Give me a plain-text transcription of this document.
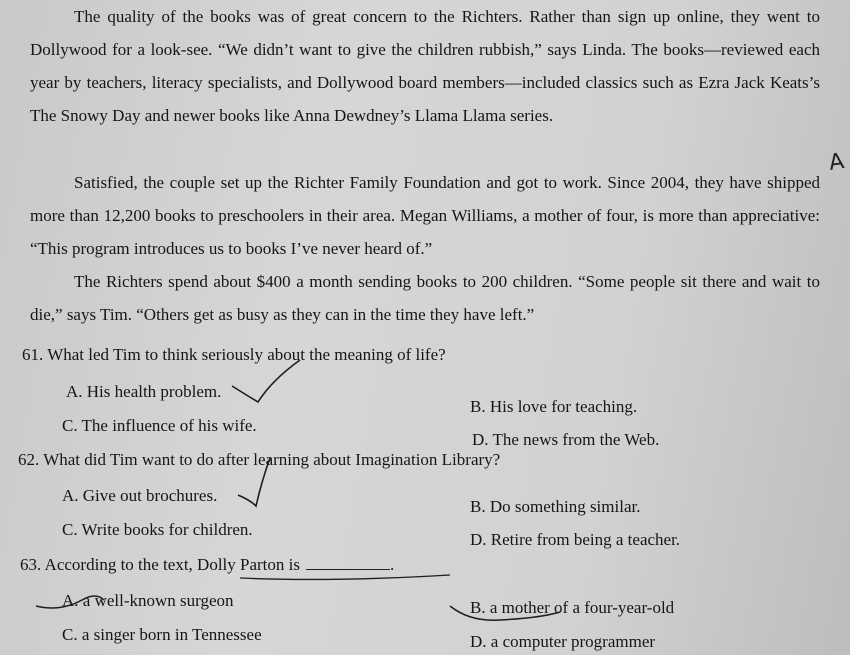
The quality of the books was of great concern to the Richters. Rather than sign up online, they went to Dollywood for a look-see. “We didn’t want to give the children rubbish,” says Linda. The books—reviewed each year by teachers, literacy specialists, and Dollywood board members—included classics such as Ezra Jack Keats’s The Snowy Day and newer books like Anna Dewdney’s Llama Llama series.

Satisfied, the couple set up the Richter Family Foundation and got to work. Since 2004, they have shipped more than 12,200 books to preschoolers in their area. Megan Williams, a mother of four, is more than appreciative: “This program introduces us to books I’ve never heard of.”

The Richters spend about $400 a month sending books to 200 children. “Some people sit there and wait to die,” says Tim. “Others get as busy as they can in the time they have left.”

61. What led Tim to think seriously about the meaning of life?
A. His health problem.
B. His love for teaching.
C. The influence of his wife.
D. The news from the Web.
62. What did Tim want to do after learning about Imagination Library?
A. Give out brochures.
B. Do something similar.
C. Write books for children.
D. Retire from being a teacher.
63. According to the text, Dolly Parton is	.
A. a well-known surgeon	B. a mother of a four-year-old
C. a singer born in Tennessee	D. a computer programmer
A
